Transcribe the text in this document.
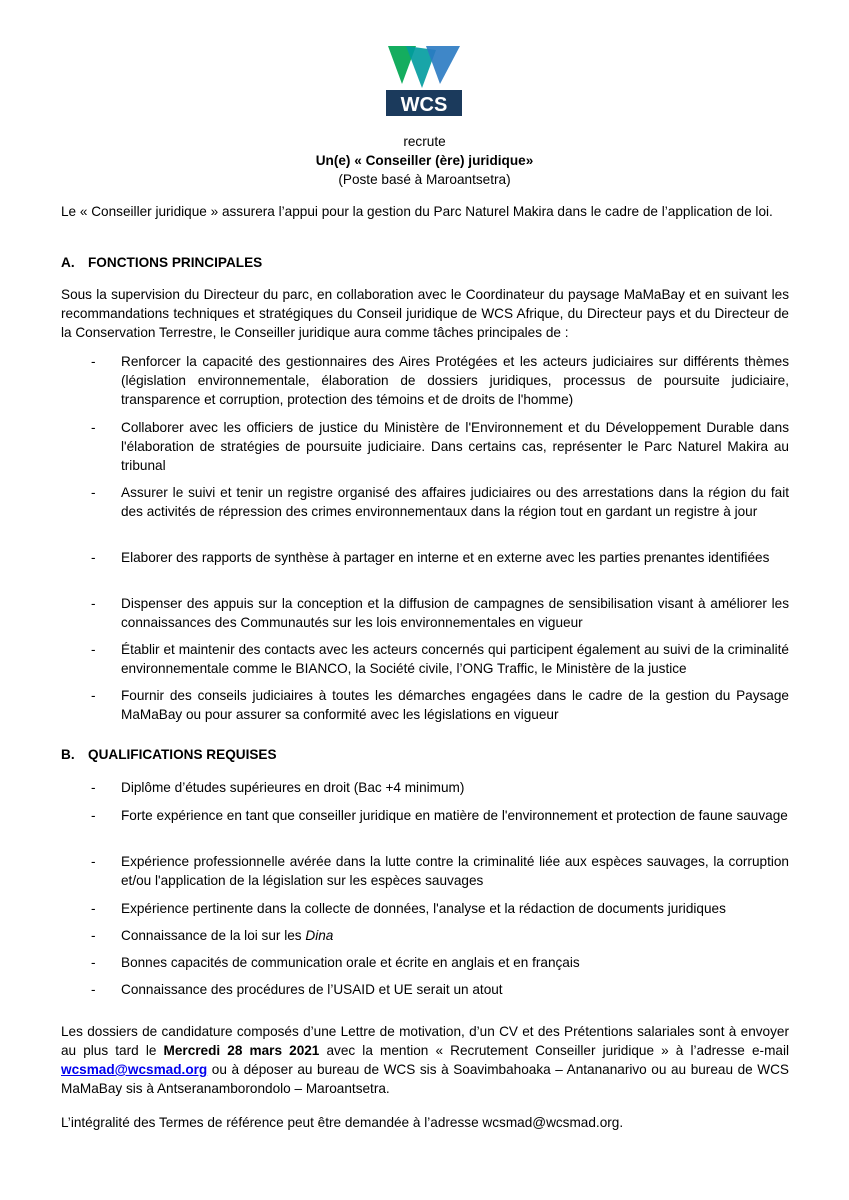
WCS
recrute
Un(e) « Conseiller (ère) juridique»
(Poste basé à Maroantsetra)
Le « Conseiller juridique » assurera l’appui pour la gestion du Parc Naturel Makira dans le cadre de l’application de loi.
A. FONCTIONS PRINCIPALES
Sous la supervision du Directeur du parc, en collaboration avec le Coordinateur du paysage MaMaBay et en suivant les recommandations techniques et stratégiques du Conseil juridique de WCS Afrique, du Directeur pays et du Directeur de la Conservation Terrestre, le Conseiller juridique aura comme tâches principales de :
- Renforcer la capacité des gestionnaires des Aires Protégées et les acteurs judiciaires sur différents thèmes (législation environnementale, élaboration de dossiers juridiques, processus de poursuite judiciaire, transparence et corruption, protection des témoins et de droits de l'homme)
- Collaborer avec les officiers de justice du Ministère de l'Environnement et du Développement Durable dans l'élaboration de stratégies de poursuite judiciaire. Dans certains cas, représenter le Parc Naturel Makira au tribunal
- Assurer le suivi et tenir un registre organisé des affaires judiciaires ou des arrestations dans la région du fait des activités de répression des crimes environnementaux dans la région tout en gardant un registre à jour
- Elaborer des rapports de synthèse à partager en interne et en externe avec les parties prenantes identifiées
- Dispenser des appuis sur la conception et la diffusion de campagnes de sensibilisation visant à améliorer les connaissances des Communautés sur les lois environnementales en vigueur
- Établir et maintenir des contacts avec les acteurs concernés qui participent également au suivi de la criminalité environnementale comme le BIANCO, la Société civile, l’ONG Traffic, le Ministère de la justice
- Fournir des conseils judiciaires à toutes les démarches engagées dans le cadre de la gestion du Paysage MaMaBay ou pour assurer sa conformité avec les législations en vigueur
B. QUALIFICATIONS REQUISES
- Diplôme d’études supérieures en droit (Bac +4 minimum)
- Forte expérience en tant que conseiller juridique en matière de l'environnement et protection de faune sauvage
- Expérience professionnelle avérée dans la lutte contre la criminalité liée aux espèces sauvages, la corruption et/ou l'application de la législation sur les espèces sauvages
- Expérience pertinente dans la collecte de données, l'analyse et la rédaction de documents juridiques
- Connaissance de la loi sur les Dina
- Bonnes capacités de communication orale et écrite en anglais et en français
- Connaissance des procédures de l’USAID et UE serait un atout
Les dossiers de candidature composés d’une Lettre de motivation, d’un CV et des Prétentions salariales sont à envoyer au plus tard le Mercredi 28 mars 2021 avec la mention « Recrutement Conseiller juridique » à l’adresse e-mail wcsmad@wcsmad.org ou à déposer au bureau de WCS sis à Soavimbahoaka – Antananarivo ou au bureau de WCS MaMaBay sis à Antseranamborondolo – Maroantsetra.
L’intégralité des Termes de référence peut être demandée à l’adresse wcsmad@wcsmad.org.
